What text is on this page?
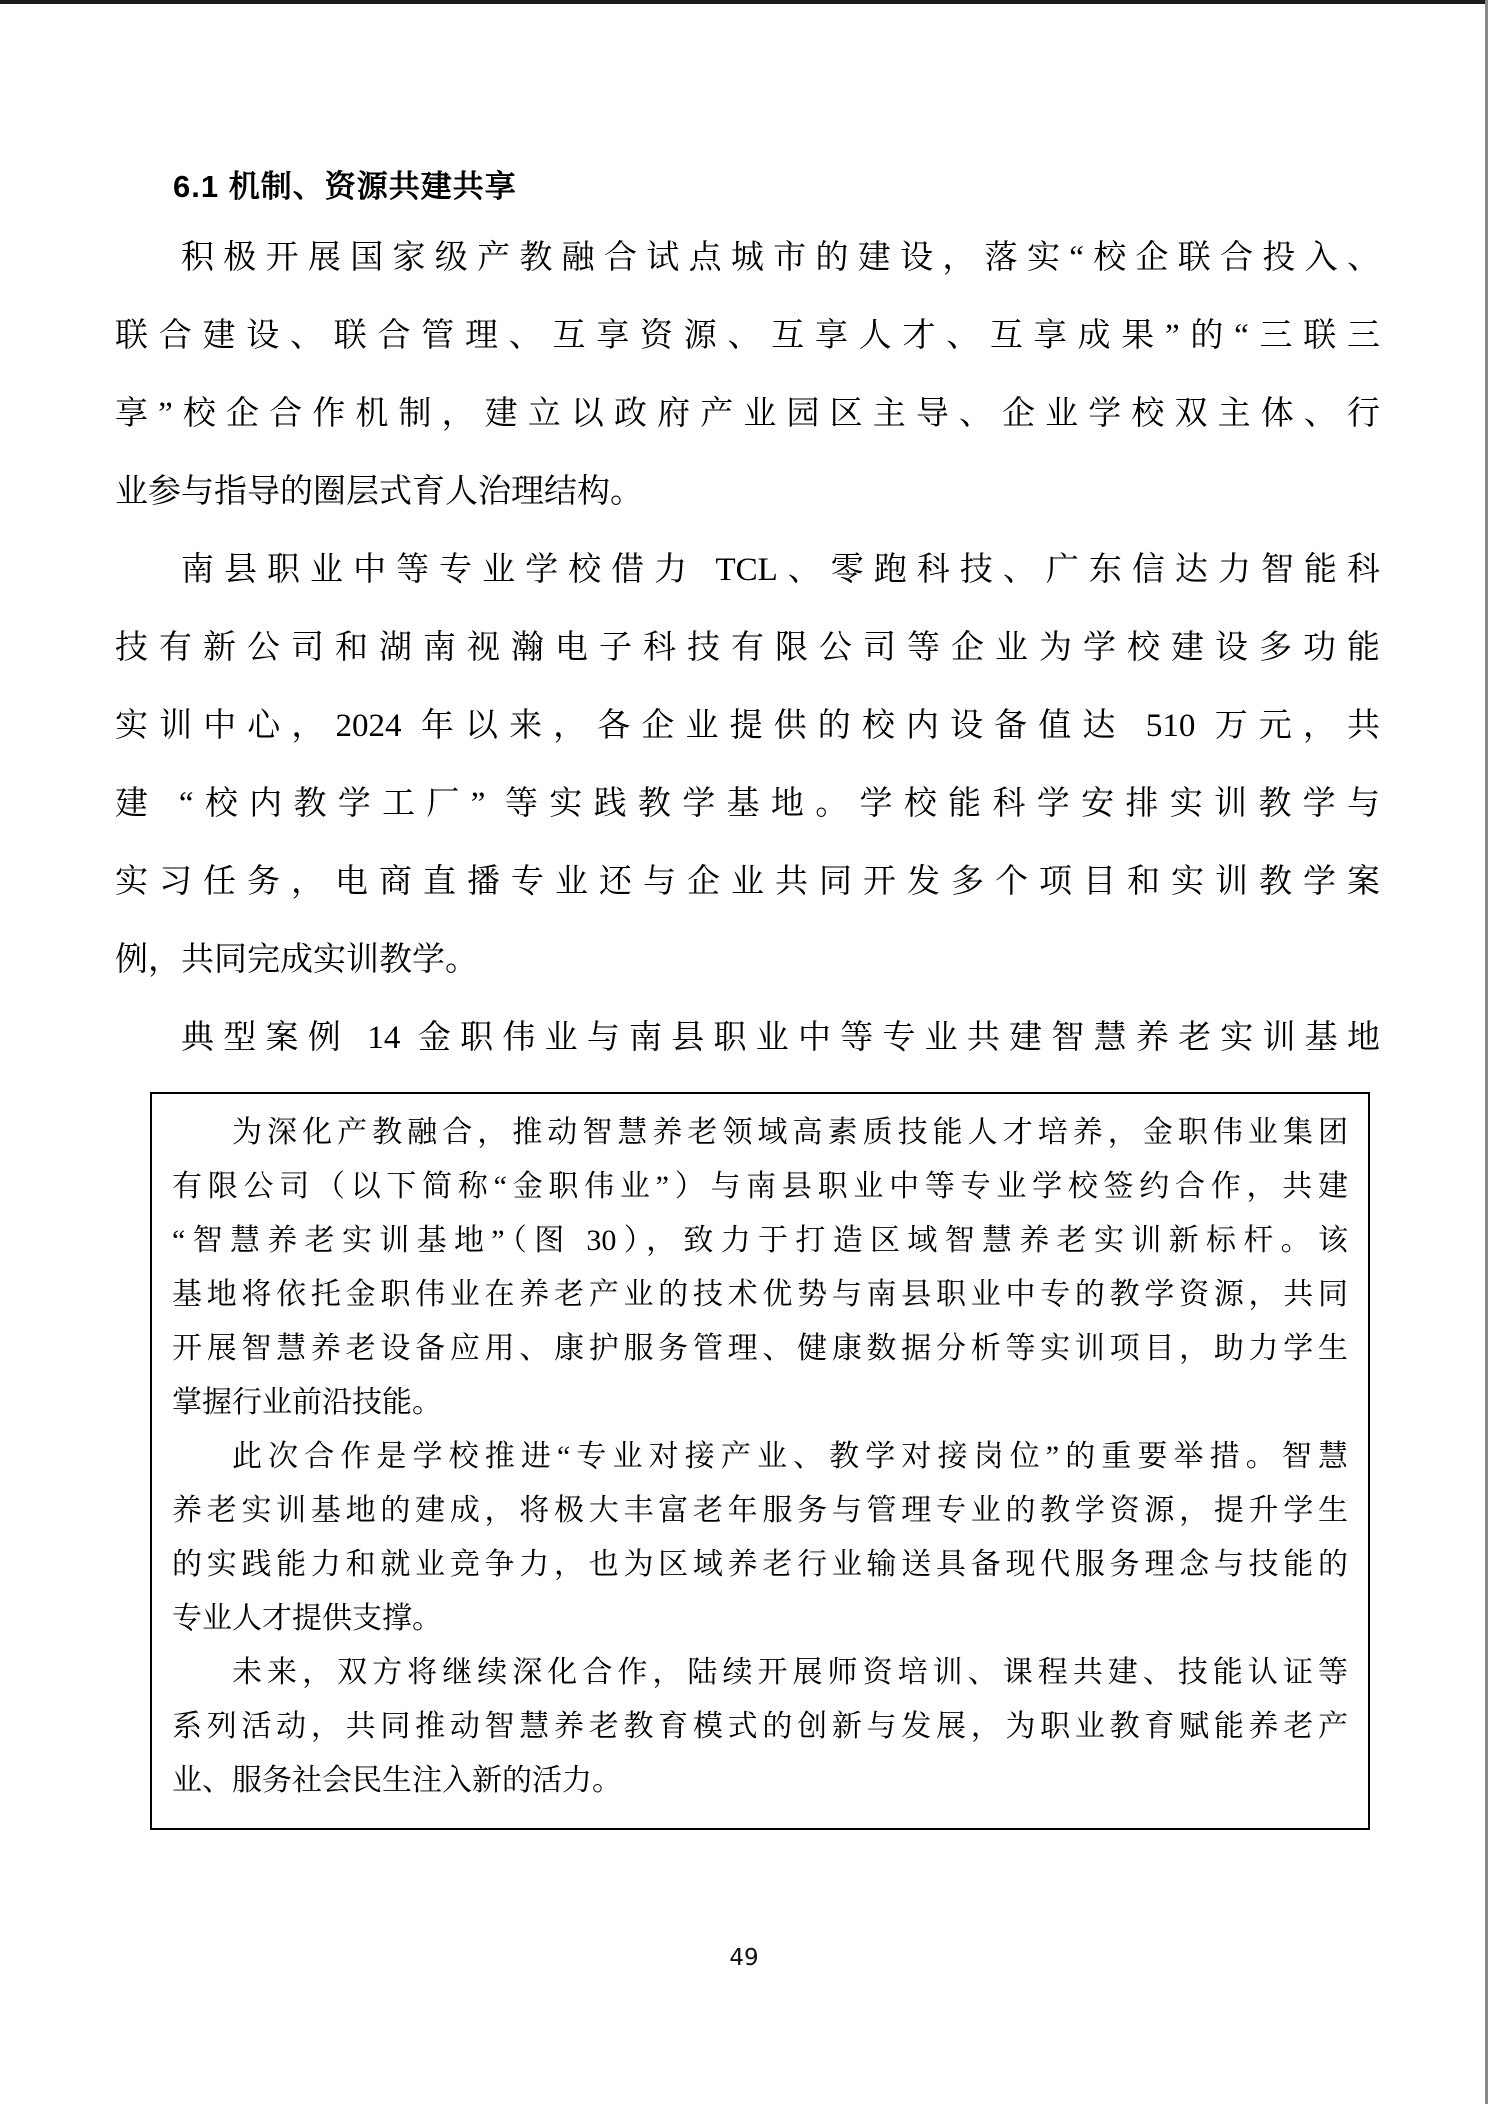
6.1 机制、资源共建共享
积极开展国家级产教融合试点城市的建设，落实“校企联合投入、
联合建设、联合管理、互享资源、互享人才、互享成果”的“三联三
享”校企合作机制，建立以政府产业园区主导、企业学校双主体、行
业参与指导的圈层式育人治理结构。
南县职业中等专业学校借力 TCL、零跑科技、广东信达力智能科
技有新公司和湖南视瀚电子科技有限公司等企业为学校建设多功能
实训中心，2024 年以来，各企业提供的校内设备值达 510 万元，共
建 “校内教学工厂” 等实践教学基地。学校能科学安排实训教学与
实习任务，电商直播专业还与企业共同开发多个项目和实训教学案
例，共同完成实训教学。
典型案例 14 金职伟业与南县职业中等专业共建智慧养老实训基地
为深化产教融合，推动智慧养老领域高素质技能人才培养，金职伟业集团
有限公司（以下简称“金职伟业”）与南县职业中等专业学校签约合作，共建
“智慧养老实训基地”（图 30），致力于打造区域智慧养老实训新标杆。该
基地将依托金职伟业在养老产业的技术优势与南县职业中专的教学资源，共同
开展智慧养老设备应用、康护服务管理、健康数据分析等实训项目，助力学生
掌握行业前沿技能。
此次合作是学校推进“专业对接产业、教学对接岗位”的重要举措。智慧
养老实训基地的建成，将极大丰富老年服务与管理专业的教学资源，提升学生
的实践能力和就业竞争力，也为区域养老行业输送具备现代服务理念与技能的
专业人才提供支撑。
未来，双方将继续深化合作，陆续开展师资培训、课程共建、技能认证等
系列活动，共同推动智慧养老教育模式的创新与发展，为职业教育赋能养老产
业、服务社会民生注入新的活力。
49
